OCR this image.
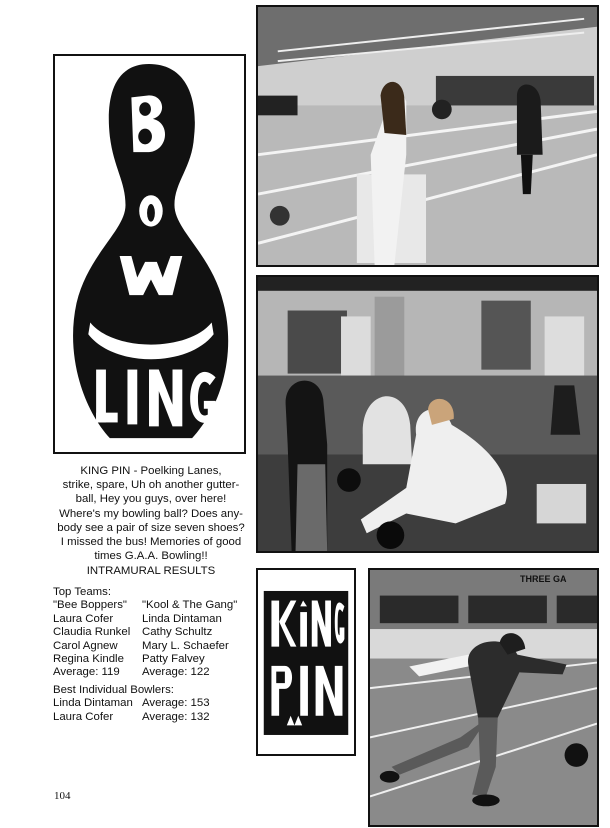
KING PIN - Poelking Lanes,
strike, spare, Uh oh another gutter-
ball, Hey you guys, over here!
Where's my bowling ball? Does any-
body see a pair of size seven shoes?
I missed the bus! Memories of good
times G.A.A. Bowling!!
INTRAMURAL RESULTS
Top Teams:
"Bee Boppers"
Laura Cofer
Claudia Runkel
Carol Agnew
Regina Kindle
Average: 119
"Kool & The Gang"
Linda Dintaman
Cathy Schultz
Mary L. Schaefer
Patty Falvey
Average: 122
Best Individual Bowlers:
Linda Dintaman Average: 153
Laura Cofer	Average: 132
THREE GA
104
